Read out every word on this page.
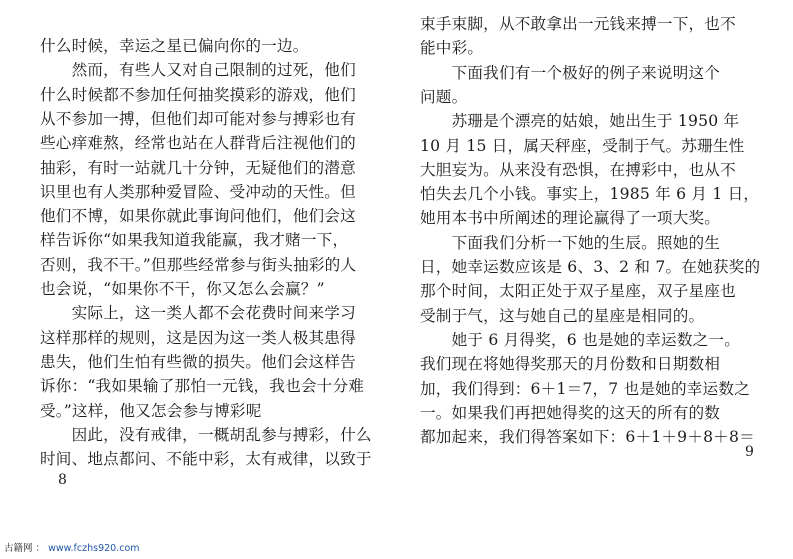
什么时候，幸运之星已偏向你的一边。
　　然而，有些人又对自己限制的过死，他们
什么时候都不参加任何抽奖摸彩的游戏，他们
从不参加一搏，但他们却可能对参与搏彩也有
些心痒难熬，经常也站在人群背后注视他们的
抽彩，有时一站就几十分钟，无疑他们的潜意
识里也有人类那种爱冒险、受冲动的天性。但
他们不博，如果你就此事询问他们，他们会这
样告诉你“如果我知道我能赢，我才赌一下，
否则，我不干。”但那些经常参与街头抽彩的人
也会说，“如果你不干，你又怎么会赢？”
　　实际上，这一类人都不会花费时间来学习
这样那样的规则，这是因为这一类人极其患得
患失，他们生怕有些微的损失。他们会这样告
诉你：“我如果输了那怕一元钱，我也会十分难
受。”这样，他又怎会参与博彩呢
　　因此，没有戒律，一概胡乱参与搏彩，什么
时间、地点都问、不能中彩，太有戒律，以致于
8
束手束脚，从不敢拿出一元钱来搏一下，也不
能中彩。
　　下面我们有一个极好的例子来说明这个
问题。
　　苏珊是个漂亮的姑娘，她出生于 1950 年
10 月 15 日，属天秤座，受制于气。苏珊生性
大胆妄为。从来没有恐惧，在搏彩中，也从不
怕失去几个小钱。事实上，1985 年 6 月 1 日，
她用本书中所阐述的理论赢得了一项大奖。
　　下面我们分析一下她的生辰。照她的生
日，她幸运数应该是 6、3、2 和 7。在她获奖的
那个时间，太阳正处于双子星座，双子星座也
受制于气，这与她自己的星座是相同的。
　　她于 6 月得奖，6 也是她的幸运数之一。
我们现在将她得奖那天的月份数和日期数相
加，我们得到：6＋1＝7，7 也是她的幸运数之
一。如果我们再把她得奖的这天的所有的数
都加起来，我们得答案如下：6＋1＋9＋8＋8＝
9
古籍网 ： www.fczhs920.com
